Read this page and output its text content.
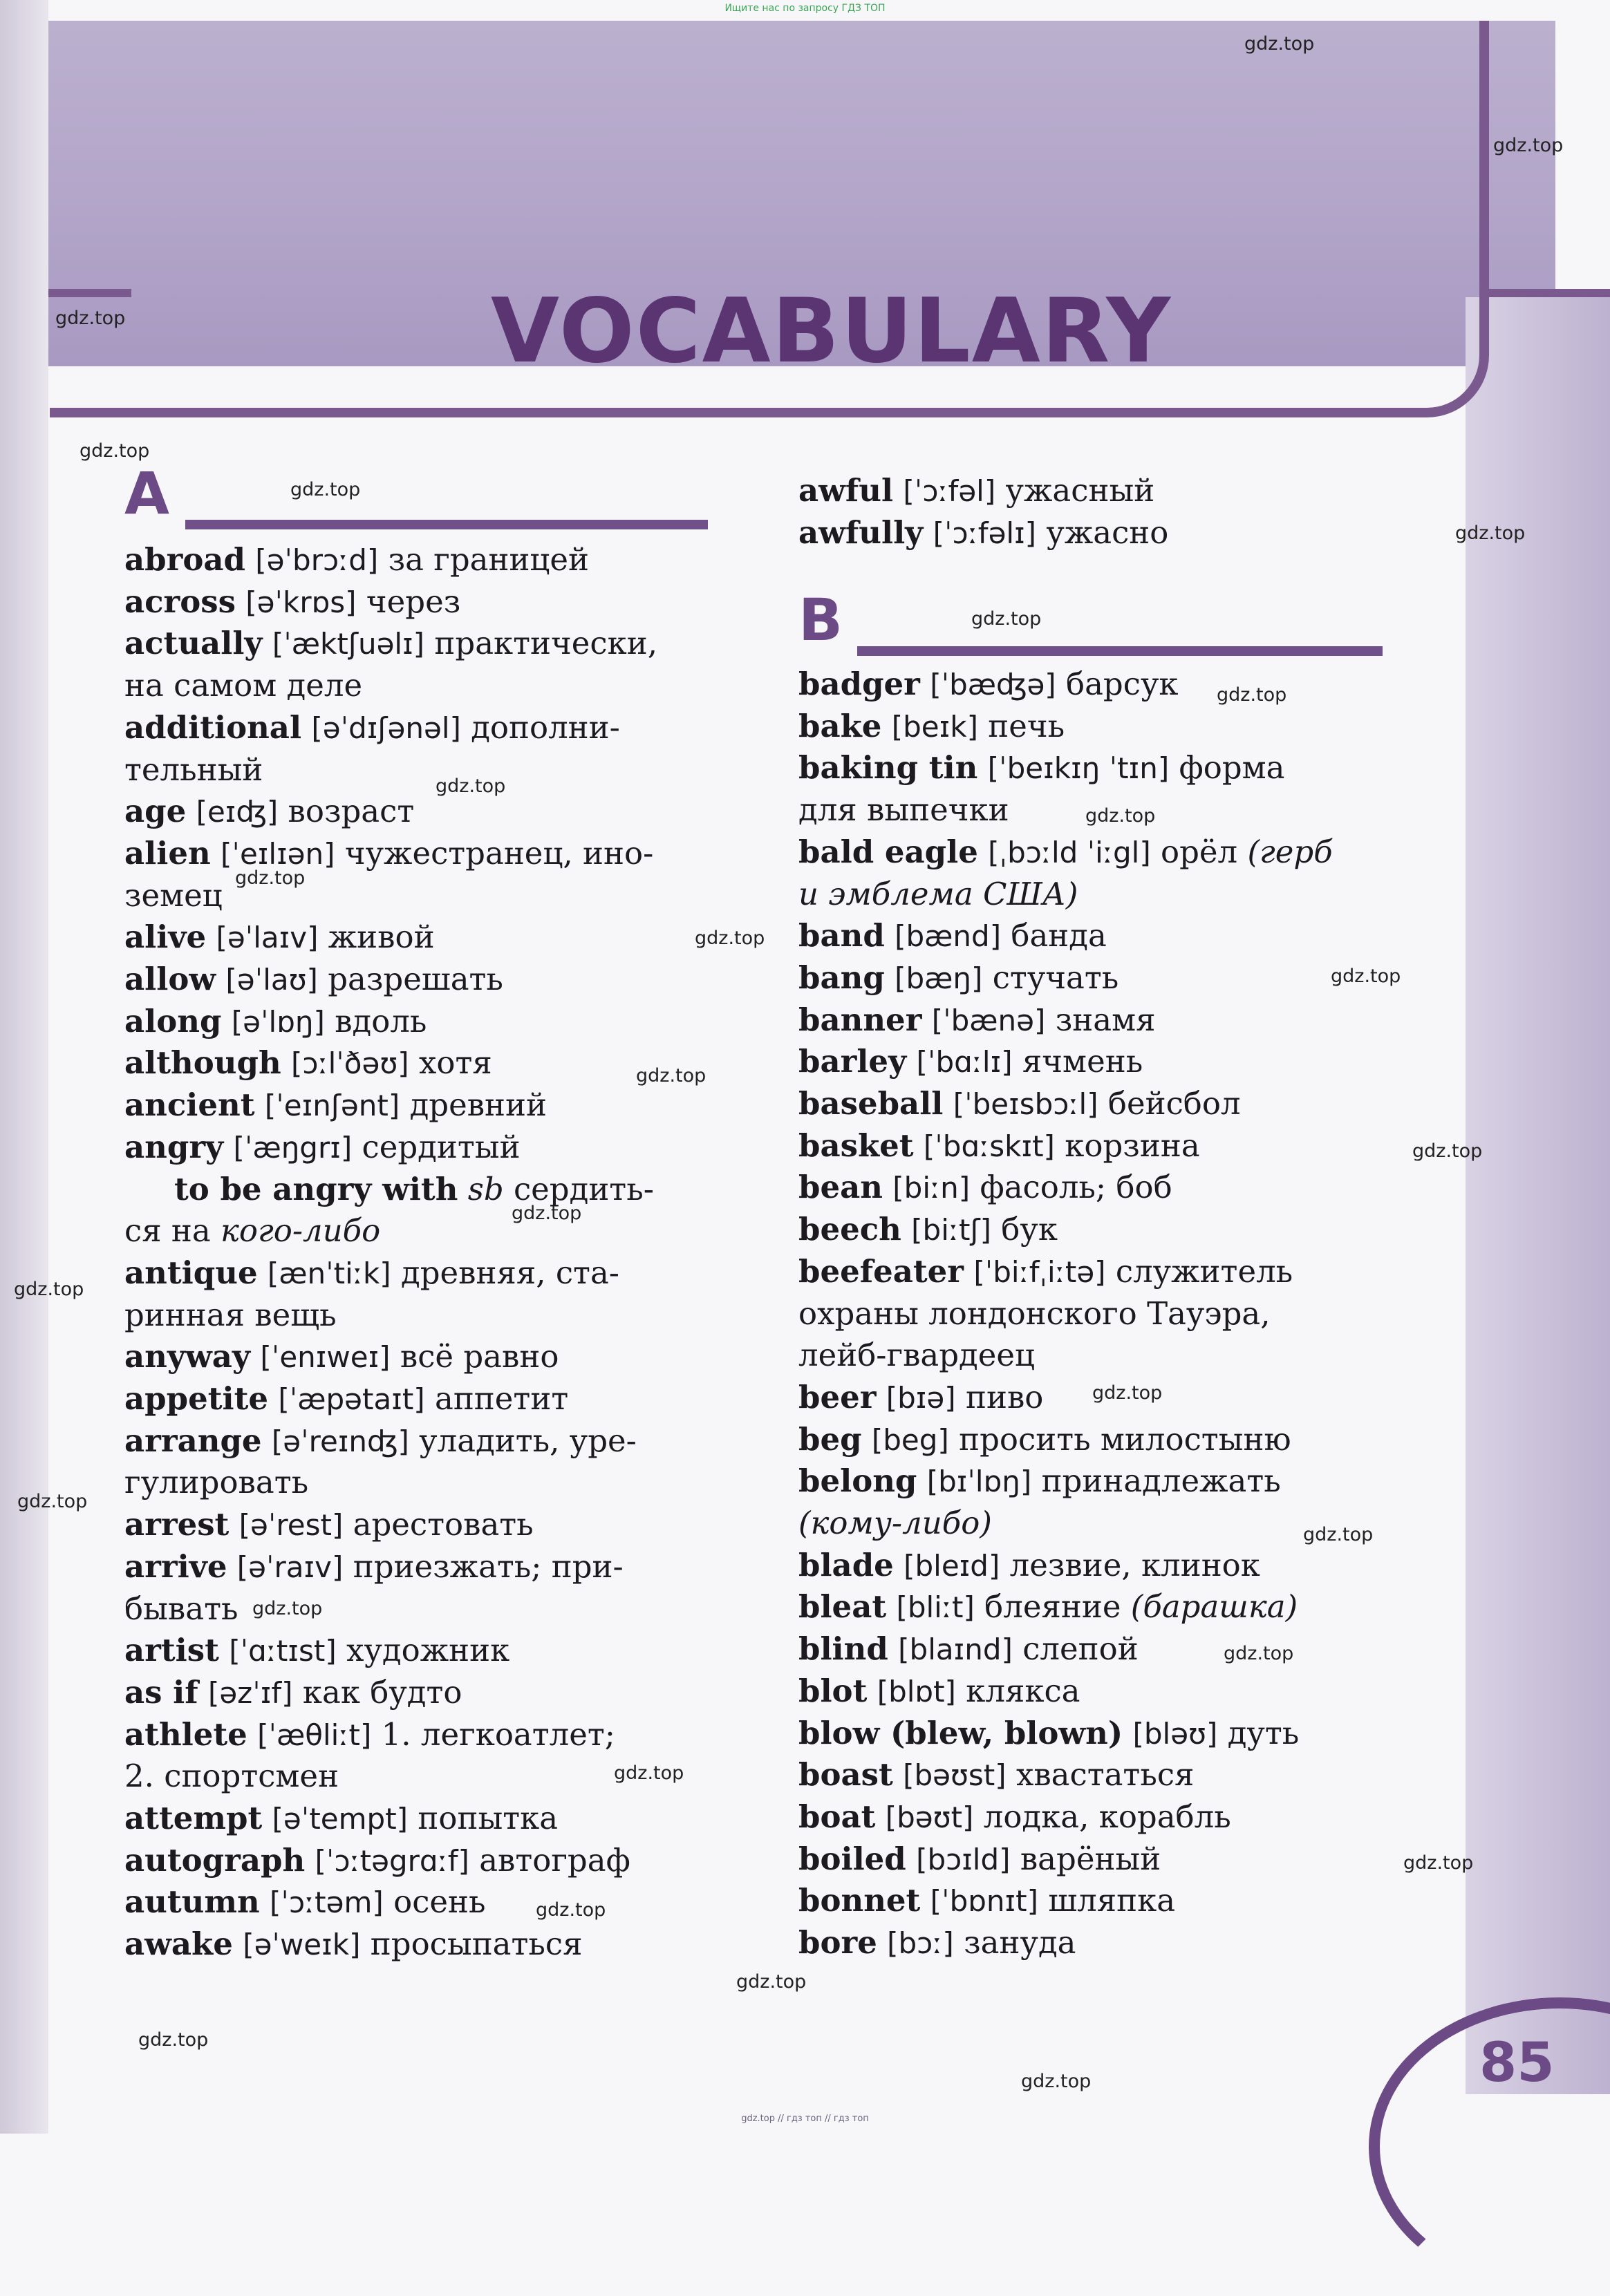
Ищите нас по запросу ГДЗ ТОП
VOCABULARY
A
B
abroad [əˈbrɔːd] за границей
across [əˈkrɒs] через
actually [ˈæktʃuəlɪ] практически,
на самом деле
additional [əˈdɪʃənəl] дополни-
тельный
age [eɪʤ] возраст
alien [ˈeɪlɪən] чужестранец, ино-
земец
alive [əˈlaɪv] живой
allow [əˈlaʊ] разрешать
along [əˈlɒŋ] вдоль
although [ɔːlˈðəʊ] хотя
ancient [ˈeɪnʃənt] древний
angry [ˈæŋgrɪ] сердитый
to be angry with sb сердить-
ся на кого-либо
antique [ænˈtiːk] древняя, ста-
ринная вещь
anyway [ˈenɪweɪ] всё равно
appetite [ˈæpətaɪt] аппетит
arrange [əˈreɪnʤ] уладить, уре-
гулировать
arrest [əˈrest] арестовать
arrive [əˈraɪv] приезжать; при-
бывать
artist [ˈɑːtɪst] художник
as if [əzˈɪf] как будто
athlete [ˈæθliːt] 1. легкоатлет;
2. спортсмен
attempt [əˈtempt] попытка
autograph [ˈɔːtəgrɑːf] автограф
autumn [ˈɔːtəm] осень
awake [əˈweɪk] просыпаться
awful [ˈɔːfəl] ужасный
awfully [ˈɔːfəlɪ] ужасно
badger [ˈbæʤə] барсук
bake [beɪk] печь
baking tin [ˈbeɪkɪŋ ˈtɪn] форма
для выпечки
bald eagle [ˌbɔːld ˈiːgl] орёл (герб
и эмблема США)
band [bænd] банда
bang [bæŋ] стучать
banner [ˈbænə] знамя
barley [ˈbɑːlɪ] ячмень
baseball [ˈbeɪsbɔːl] бейсбол
basket [ˈbɑːskɪt] корзина
bean [biːn] фасоль; боб
beech [biːtʃ] бук
beefeater [ˈbiːfˌiːtə] служитель
охраны лондонского Тауэра,
лейб-гвардеец
beer [bɪə] пиво
beg [beg] просить милостыню
belong [bɪˈlɒŋ] принадлежать
(кому-либо)
blade [bleɪd] лезвие, клинок
bleat [bliːt] блеяние (барашка)
blind [blaɪnd] слепой
blot [blɒt] клякса
blow (blew, blown) [bləʊ] дуть
boast [bəʊst] хвастаться
boat [bəʊt] лодка, корабль
boiled [bɔɪld] варёный
bonnet [ˈbɒnɪt] шляпка
bore [bɔː] зануда
85
gdz.top // гдз топ // гдз топ
gdz.top
gdz.top
gdz.top
gdz.top
gdz.top
gdz.top
gdz.top
gdz.top
gdz.top
gdz.top
gdz.top
gdz.top
gdz.top
gdz.top
gdz.top
gdz.top
gdz.top
gdz.top
gdz.top
gdz.top
gdz.top
gdz.top
gdz.top
gdz.top
gdz.top
gdz.top
gdz.top
gdz.top
